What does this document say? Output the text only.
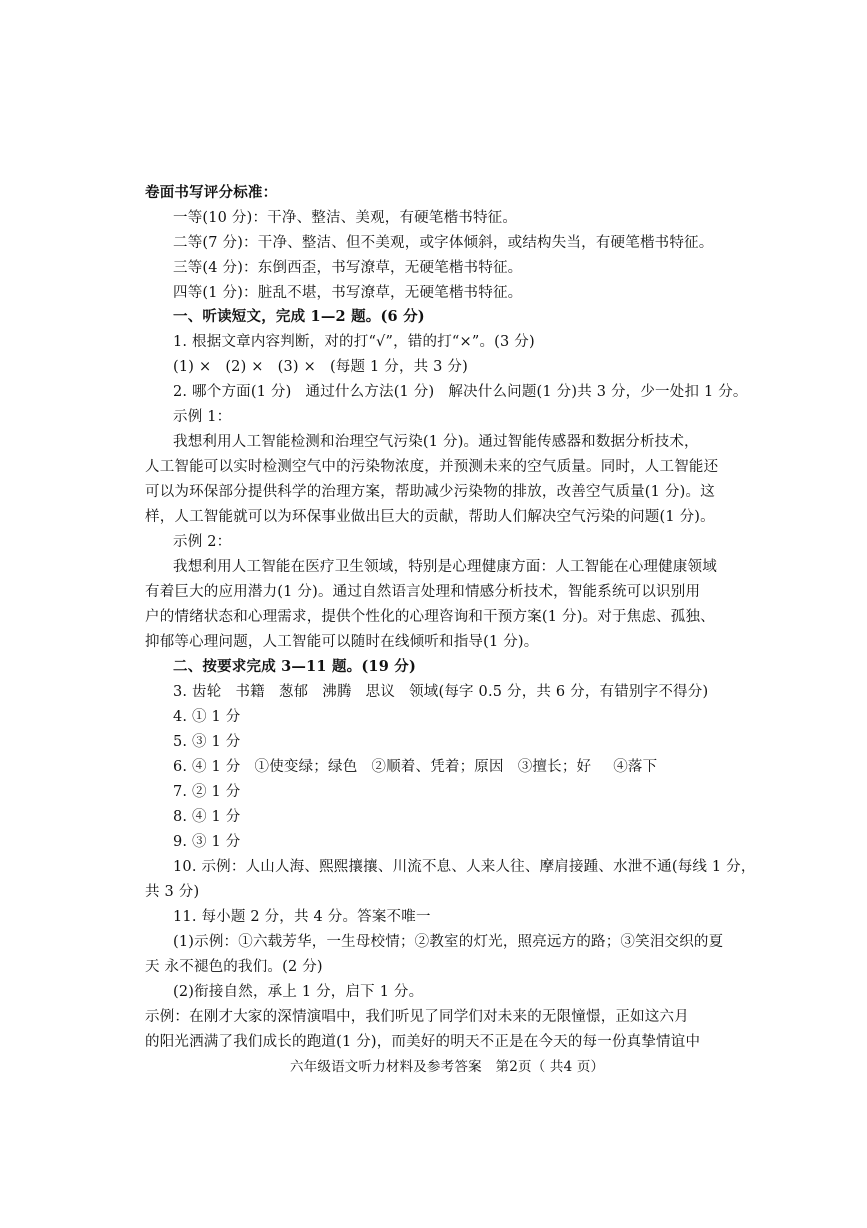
卷面书写评分标准：

一等(10 分)：干净、整洁、美观，有硬笔楷书特征。

二等(7 分)：干净、整洁、但不美观，或字体倾斜，或结构失当，有硬笔楷书特征。

三等(4 分)：东倒西歪，书写潦草，无硬笔楷书特征。

四等(1 分)：脏乱不堪，书写潦草，无硬笔楷书特征。

一、听读短文，完成 1—2 题。(6 分)

1. 根据文章内容判断，对的打“√”，错的打“×”。(3 分)

(1) × (2) × (3) × (每题 1 分，共 3 分)

2. 哪个方面(1 分) 通过什么方法(1 分) 解决什么问题(1 分)共 3 分，少一处扣 1 分。

示例 1：

我想利用人工智能检测和治理空气污染(1 分)。通过智能传感器和数据分析技术，

人工智能可以实时检测空气中的污染物浓度，并预测未来的空气质量。同时，人工智能还

可以为环保部分提供科学的治理方案，帮助减少污染物的排放，改善空气质量(1 分)。这

样，人工智能就可以为环保事业做出巨大的贡献，帮助人们解决空气污染的问题(1 分)。

示例 2：

我想利用人工智能在医疗卫生领域，特别是心理健康方面：人工智能在心理健康领域

有着巨大的应用潜力(1 分)。通过自然语言处理和情感分析技术，智能系统可以识别用

户的情绪状态和心理需求，提供个性化的心理咨询和干预方案(1 分)。对于焦虑、孤独、

抑郁等心理问题，人工智能可以随时在线倾听和指导(1 分)。

二、按要求完成 3—11 题。(19 分)

3. 齿轮 书籍 葱郁 沸腾 思议 领域(每字 0.5 分，共 6 分，有错别字不得分)

4. ① 1 分

5. ③ 1 分

6. ④ 1 分 ①使变绿；绿色 ②顺着、凭着；原因 ③擅长；好 ④落下

7. ② 1 分

8. ④ 1 分

9. ③ 1 分

10. 示例：人山人海、熙熙攘攘、川流不息、人来人往、摩肩接踵、水泄不通(每线 1 分，

共 3 分)

11. 每小题 2 分，共 4 分。答案不唯一

(1)示例：①六载芳华，一生母校情；②教室的灯光，照亮远方的路；③笑泪交织的夏

天 永不褪色的我们。(2 分)

(2)衔接自然，承上 1 分，启下 1 分。

示例：在刚才大家的深情演唱中，我们听见了同学们对未来的无限憧憬，正如这六月

的阳光洒满了我们成长的跑道(1 分)，而美好的明天不正是在今天的每一份真挚情谊中

六年级语文听力材料及参考答案　第2页（ 共4 页）
